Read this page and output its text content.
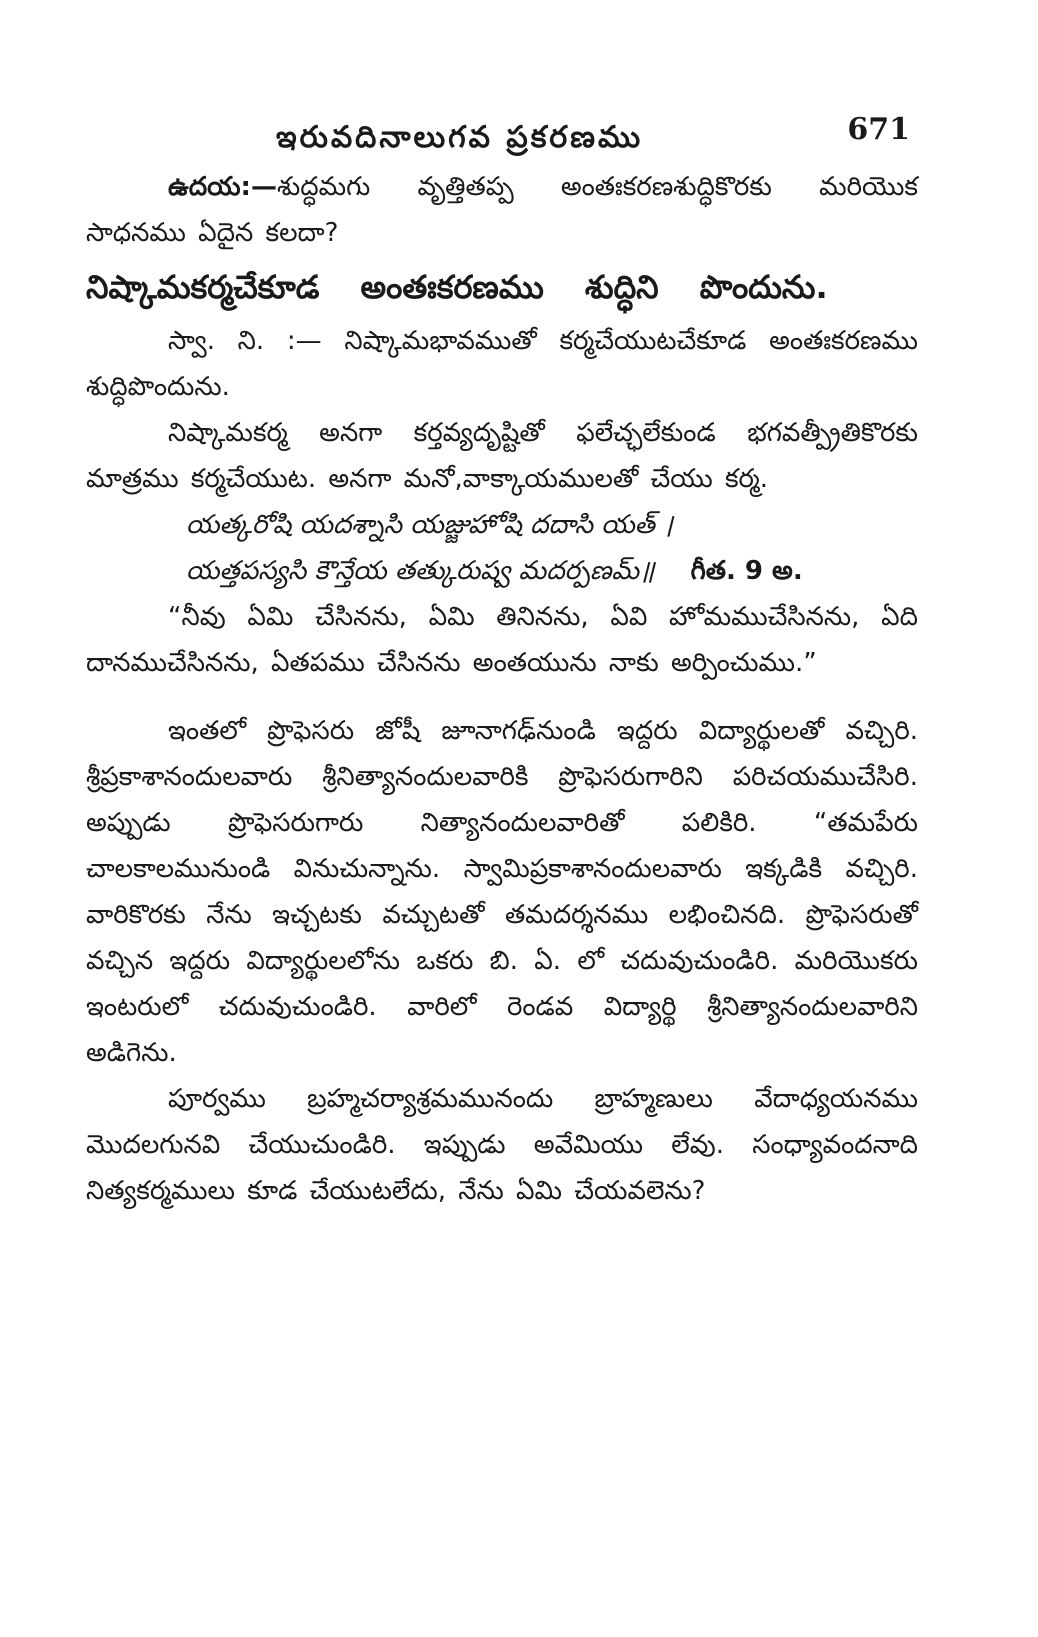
ఇరువదినాలుగవ ప్రకరణము	671

ఉదయ:—శుద్ధమగు వృత్తితప్ప అంతఃకరణశుద్ధికొరకు మరియొక సాధనము ఏదైన కలదా?

నిష్కామకర్మచేకూడ అంతఃకరణము శుద్ధిని పొందును.

స్వా. ని. :— నిష్కామభావముతో కర్మచేయుటచేకూడ అంతఃకరణము శుద్ధిపొందును.

నిష్కామకర్మ అనగా కర్తవ్యదృష్టితో ఫలేచ్ఛలేకుండ భగవత్ప్రీతికొరకు మాత్రము కర్మచేయుట. అనగా మనో,వాక్కాయములతో చేయు కర్మ.

యత్కరోషి యదశ్నాసి యజ్జుహోషి దదాసి యత్ ।
యత్తపస్యసి కౌన్తేయ తత్కురుష్వ మదర్పణమ్॥ గీత. 9 అ.

“నీవు ఏమి చేసినను, ఏమి తినినను, ఏవి హోమముచేసినను, ఏది దానముచేసినను, ఏతపము చేసినను అంతయును నాకు అర్పించుము.”

ఇంతలో ప్రొఫెసరు జోషీ జూనాగఢ్‌నుండి ఇద్దరు విద్యార్థులతో వచ్చిరి. శ్రీప్రకాశానందులవారు శ్రీనిత్యానందులవారికి ప్రొఫెసరుగారిని పరిచయముచేసిరి. అప్పుడు ప్రొఫెసరుగారు నిత్యానందులవారితో పలికిరి. “తమపేరు చాలకాలమునుండి వినుచున్నాను. స్వామిప్రకాశానందులవారు ఇక్కడికి వచ్చిరి. వారికొరకు నేను ఇచ్చటకు వచ్చుటతో తమదర్శనము లభించినది. ప్రొఫెసరుతో వచ్చిన ఇద్దరు విద్యార్థులలోను ఒకరు బి. ఏ. లో చదువుచుండిరి. మరియొకరు ఇంటరులో చదువుచుండిరి. వారిలో రెండవ విద్యార్థి శ్రీనిత్యానందులవారిని అడిగెను.

పూర్వము బ్రహ్మచర్యాశ్రమమునందు బ్రాహ్మణులు వేదాధ్యయనము మొదలగునవి చేయుచుండిరి. ఇప్పుడు అవేమియు లేవు. సంధ్యావందనాది నిత్యకర్మములు కూడ చేయుటలేదు, నేను ఏమి చేయవలెను?
